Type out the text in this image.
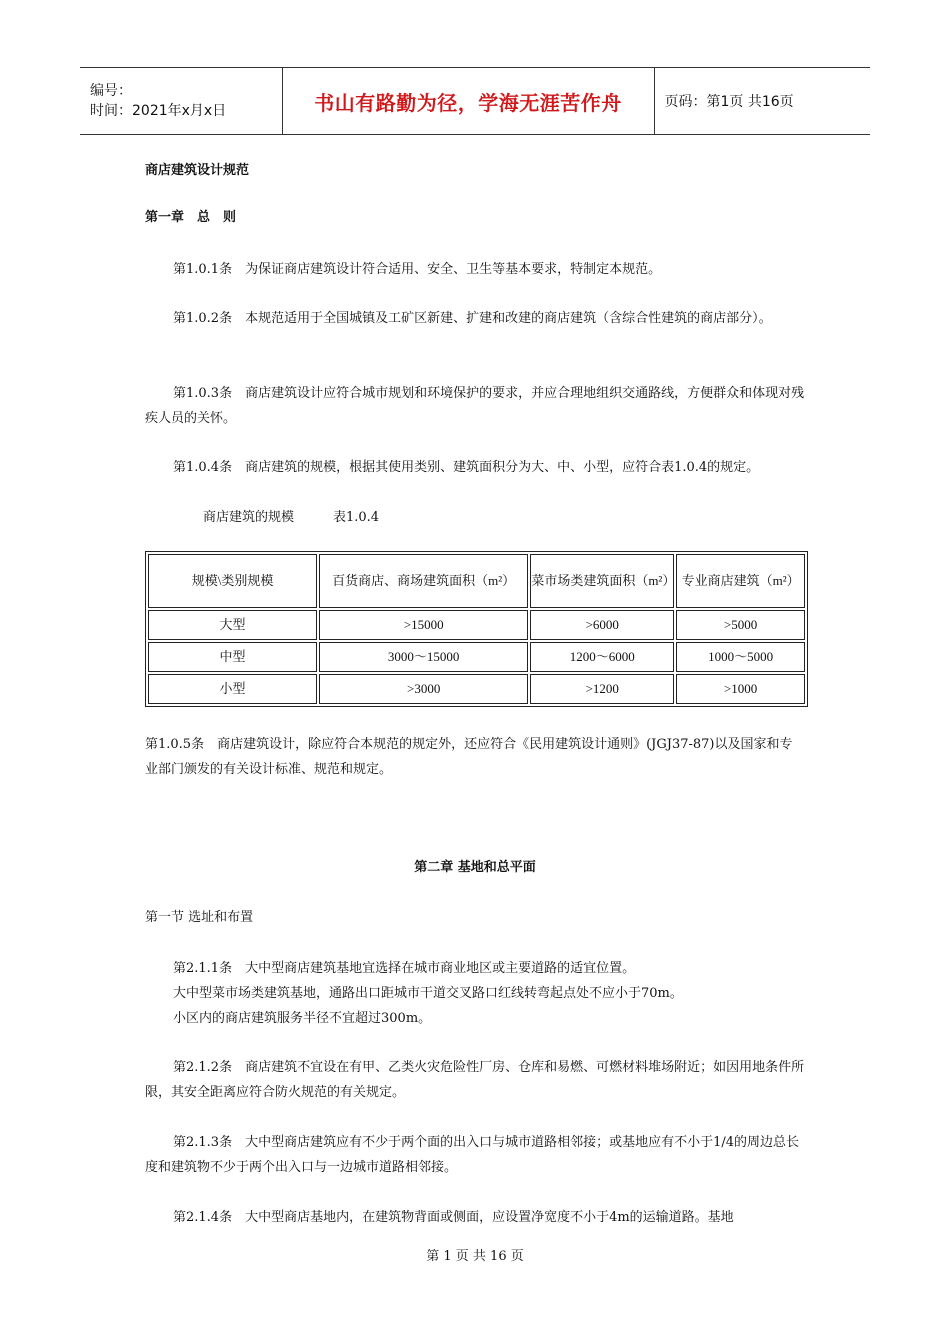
编号：
时间：2021年x月x日	书山有路勤为径，学海无涯苦作舟	页码：第1页 共16页
商店建筑设计规范
第一章　总　则
第1.0.1条　为保证商店建筑设计符合适用、安全、卫生等基本要求，特制定本规范。
第1.0.2条　本规范适用于全国城镇及工矿区新建、扩建和改建的商店建筑（含综合性建筑的商店部分）。
第1.0.3条　商店建筑设计应符合城市规划和环境保护的要求，并应合理地组织交通路线，方便群众和体现对残疾人员的关怀。
第1.0.4条　商店建筑的规模，根据其使用类别、建筑面积分为大、中、小型，应符合表1.0.4的规定。
商店建筑的规模　　　表1.0.4
规模\类别规模	百货商店、商场建筑面积（m²）	菜市场类建筑面积（m²）	专业商店建筑（m²）
大型	>15000	>6000	>5000
中型	3000～15000	1200～6000	1000～5000
小型	>3000	>1200	>1000
第1.0.5条　商店建筑设计，除应符合本规范的规定外，还应符合《民用建筑设计通则》(JGJ37-87)以及国家和专业部门颁发的有关设计标准、规范和规定。
第二章 基地和总平面
第一节 选址和布置
第2.1.1条　大中型商店建筑基地宜选择在城市商业地区或主要道路的适宜位置。
大中型菜市场类建筑基地，通路出口距城市干道交叉路口红线转弯起点处不应小于70m。
小区内的商店建筑服务半径不宜超过300m。
第2.1.2条　商店建筑不宜设在有甲、乙类火灾危险性厂房、仓库和易燃、可燃材料堆场附近；如因用地条件所限，其安全距离应符合防火规范的有关规定。
第2.1.3条　大中型商店建筑应有不少于两个面的出入口与城市道路相邻接；或基地应有不小于1/4的周边总长度和建筑物不少于两个出入口与一边城市道路相邻接。
第2.1.4条　大中型商店基地内，在建筑物背面或侧面，应设置净宽度不小于4m的运输道路。基地
第 1 页 共 16 页
